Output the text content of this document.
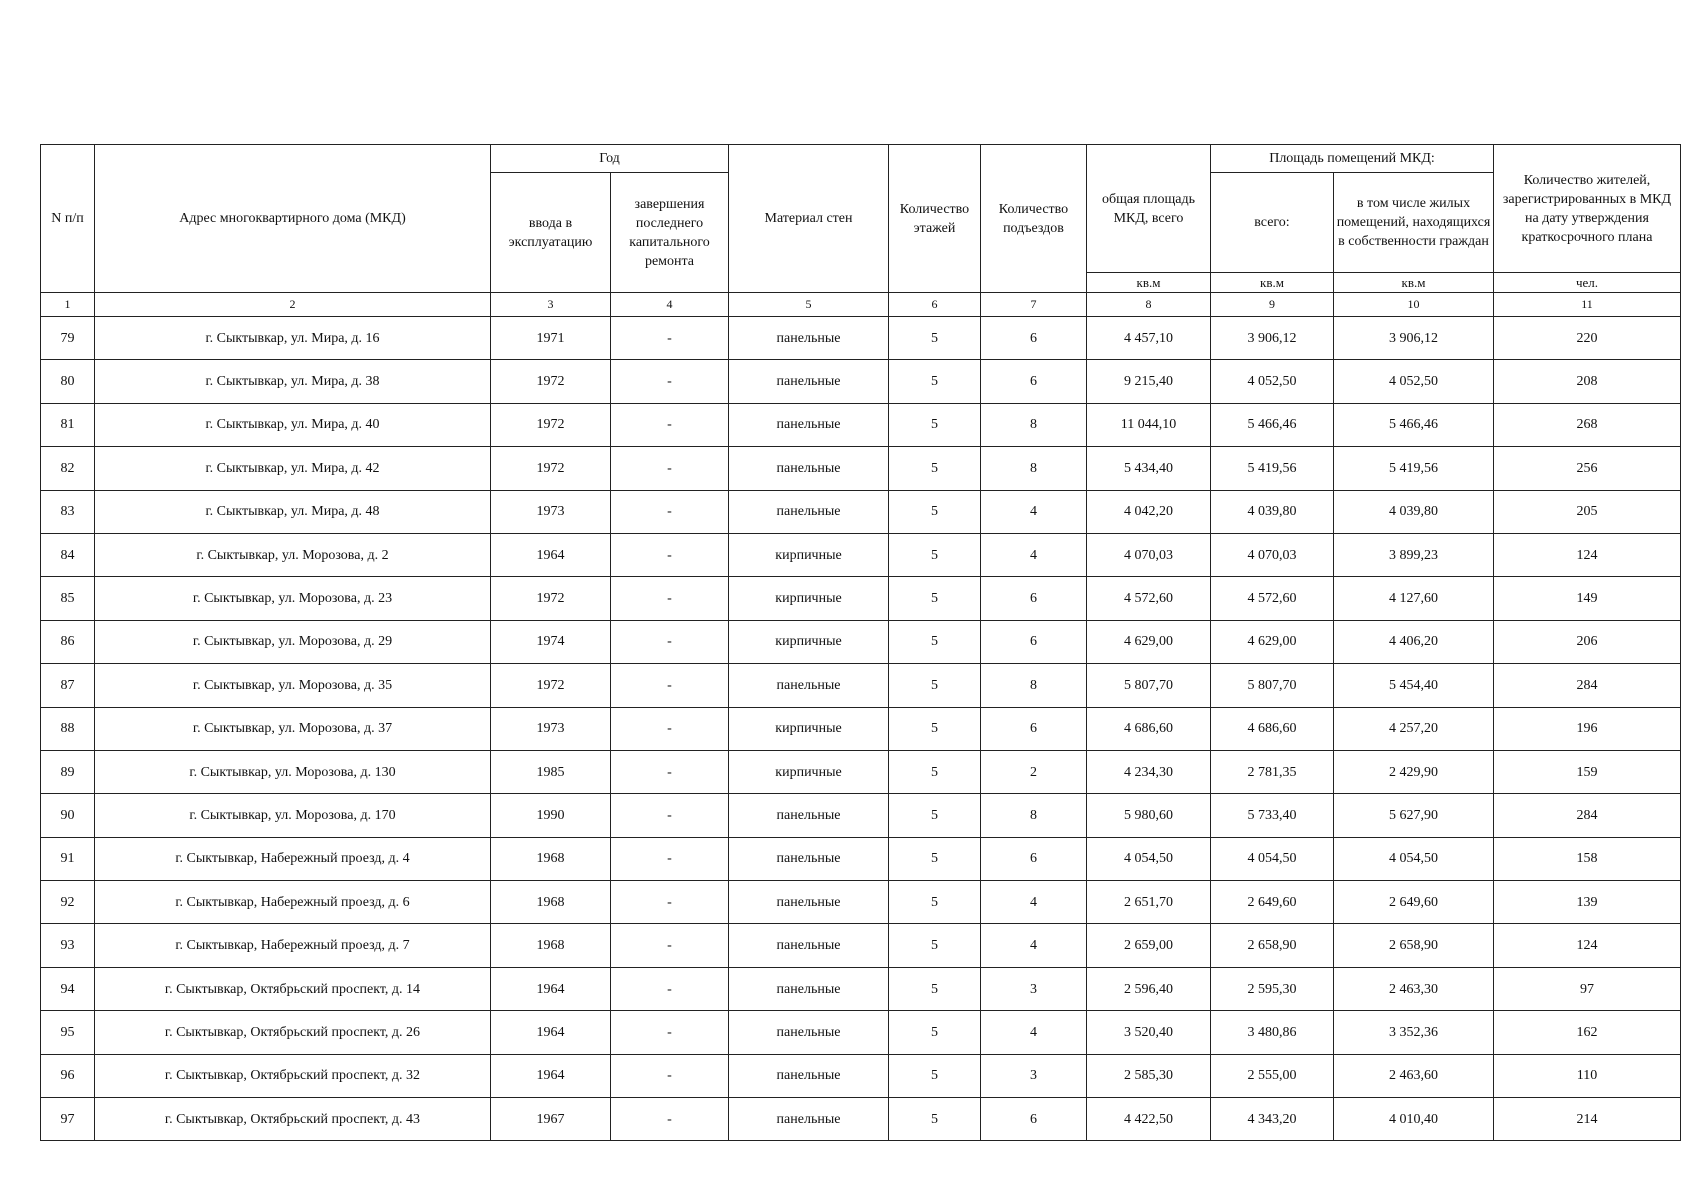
N п/п	Адрес многоквартирного дома (МКД)	Год		Материал стен	Количество этажей	Количество подъездов	общая площадь МКД, всего	Площадь помещений МКД:		Количество жителей, зарегистрированных в МКД на дату утверждения краткосрочного плана
		ввода в эксплуатацию	завершения последнего капитального ремонта					всего:	в том числе жилых помещений, находящихся в собственности граждан	
							кв.м	кв.м	кв.м	чел.
1	2	3	4	5	6	7	8	9	10	11
79	г. Сыктывкар, ул. Мира, д. 16	1971	-	панельные	5	6	4 457,10	3 906,12	3 906,12	220
80	г. Сыктывкар, ул. Мира, д. 38	1972	-	панельные	5	6	9 215,40	4 052,50	4 052,50	208
81	г. Сыктывкар, ул. Мира, д. 40	1972	-	панельные	5	8	11 044,10	5 466,46	5 466,46	268
82	г. Сыктывкар, ул. Мира, д. 42	1972	-	панельные	5	8	5 434,40	5 419,56	5 419,56	256
83	г. Сыктывкар, ул. Мира, д. 48	1973	-	панельные	5	4	4 042,20	4 039,80	4 039,80	205
84	г. Сыктывкар, ул. Морозова, д. 2	1964	-	кирпичные	5	4	4 070,03	4 070,03	3 899,23	124
85	г. Сыктывкар, ул. Морозова, д. 23	1972	-	кирпичные	5	6	4 572,60	4 572,60	4 127,60	149
86	г. Сыктывкар, ул. Морозова, д. 29	1974	-	кирпичные	5	6	4 629,00	4 629,00	4 406,20	206
87	г. Сыктывкар, ул. Морозова, д. 35	1972	-	панельные	5	8	5 807,70	5 807,70	5 454,40	284
88	г. Сыктывкар, ул. Морозова, д. 37	1973	-	кирпичные	5	6	4 686,60	4 686,60	4 257,20	196
89	г. Сыктывкар, ул. Морозова, д. 130	1985	-	кирпичные	5	2	4 234,30	2 781,35	2 429,90	159
90	г. Сыктывкар, ул. Морозова, д. 170	1990	-	панельные	5	8	5 980,60	5 733,40	5 627,90	284
91	г. Сыктывкар, Набережный проезд, д. 4	1968	-	панельные	5	6	4 054,50	4 054,50	4 054,50	158
92	г. Сыктывкар, Набережный проезд, д. 6	1968	-	панельные	5	4	2 651,70	2 649,60	2 649,60	139
93	г. Сыктывкар, Набережный проезд, д. 7	1968	-	панельные	5	4	2 659,00	2 658,90	2 658,90	124
94	г. Сыктывкар, Октябрьский проспект, д. 14	1964	-	панельные	5	3	2 596,40	2 595,30	2 463,30	97
95	г. Сыктывкар, Октябрьский проспект, д. 26	1964	-	панельные	5	4	3 520,40	3 480,86	3 352,36	162
96	г. Сыктывкар, Октябрьский проспект, д. 32	1964	-	панельные	5	3	2 585,30	2 555,00	2 463,60	110
97	г. Сыктывкар, Октябрьский проспект, д. 43	1967	-	панельные	5	6	4 422,50	4 343,20	4 010,40	214
